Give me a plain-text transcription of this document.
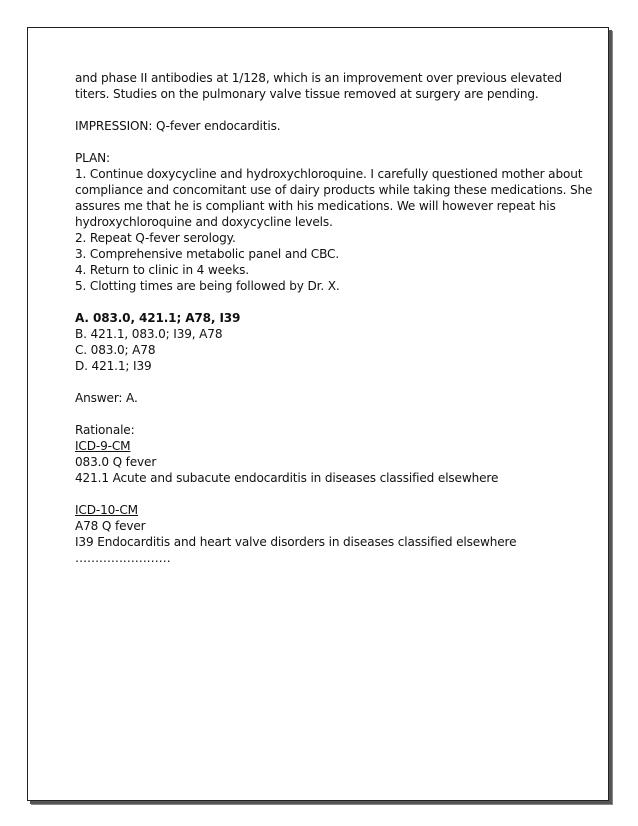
and phase II antibodies at 1/128, which is an improvement over previous elevated

titers. Studies on the pulmonary valve tissue removed at surgery are pending.

IMPRESSION: Q-fever endocarditis.

PLAN:

1. Continue doxycycline and hydroxychloroquine. I carefully questioned mother about

compliance and concomitant use of dairy products while taking these medications. She

assures me that he is compliant with his medications. We will however repeat his

hydroxychloroquine and doxycycline levels.

2. Repeat Q-fever serology.

3. Comprehensive metabolic panel and CBC.

4. Return to clinic in 4 weeks.

5. Clotting times are being followed by Dr. X.

A. 083.0, 421.1; A78, I39

B. 421.1, 083.0; I39, A78

C. 083.0; A78

D. 421.1; I39

Answer: A.

Rationale:

ICD-9-CM

083.0 Q fever

421.1 Acute and subacute endocarditis in diseases classified elsewhere

ICD-10-CM

A78 Q fever

I39 Endocarditis and heart valve disorders in diseases classified elsewhere

……………………
